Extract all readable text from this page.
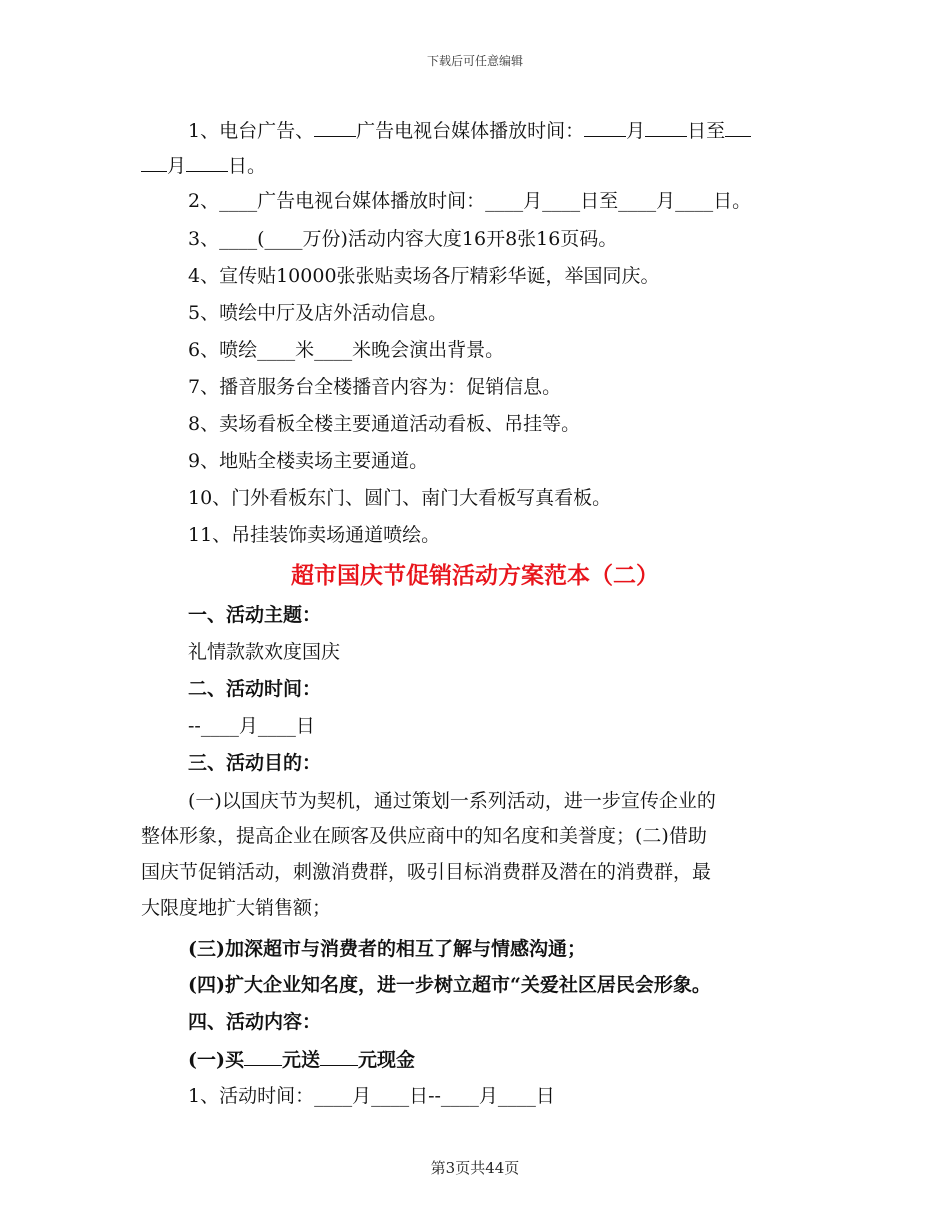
下载后可任意编辑
1、电台广告、 广告电视台媒体播放时间： 月 日至
月 日。
2、____广告电视台媒体播放时间：____月____日至____月____日。
3、____(____万份)活动内容大度16开8张16页码。
4、宣传贴10000张张贴卖场各厅精彩华诞，举国同庆。
5、喷绘中厅及店外活动信息。
6、喷绘____米____米晚会演出背景。
7、播音服务台全楼播音内容为：促销信息。
8、卖场看板全楼主要通道活动看板、吊挂等。
9、地贴全楼卖场主要通道。
10、门外看板东门、圆门、南门大看板写真看板。
11、吊挂装饰卖场通道喷绘。
超市国庆节促销活动方案范本（二）
一、活动主题：
礼情款款欢度国庆
二、活动时间：
--____月____日
三、活动目的：
(一)以国庆节为契机，通过策划一系列活动，进一步宣传企业的
整体形象，提高企业在顾客及供应商中的知名度和美誉度；(二)借助
国庆节促销活动，刺激消费群，吸引目标消费群及潜在的消费群，最
大限度地扩大销售额；
(三)加深超市与消费者的相互了解与情感沟通；
(四)扩大企业知名度，进一步树立超市“关爱社区居民会形象。
四、活动内容：
(一)买 元送 元现金
1、活动时间：____月____日--____月____日
第3页共44页
